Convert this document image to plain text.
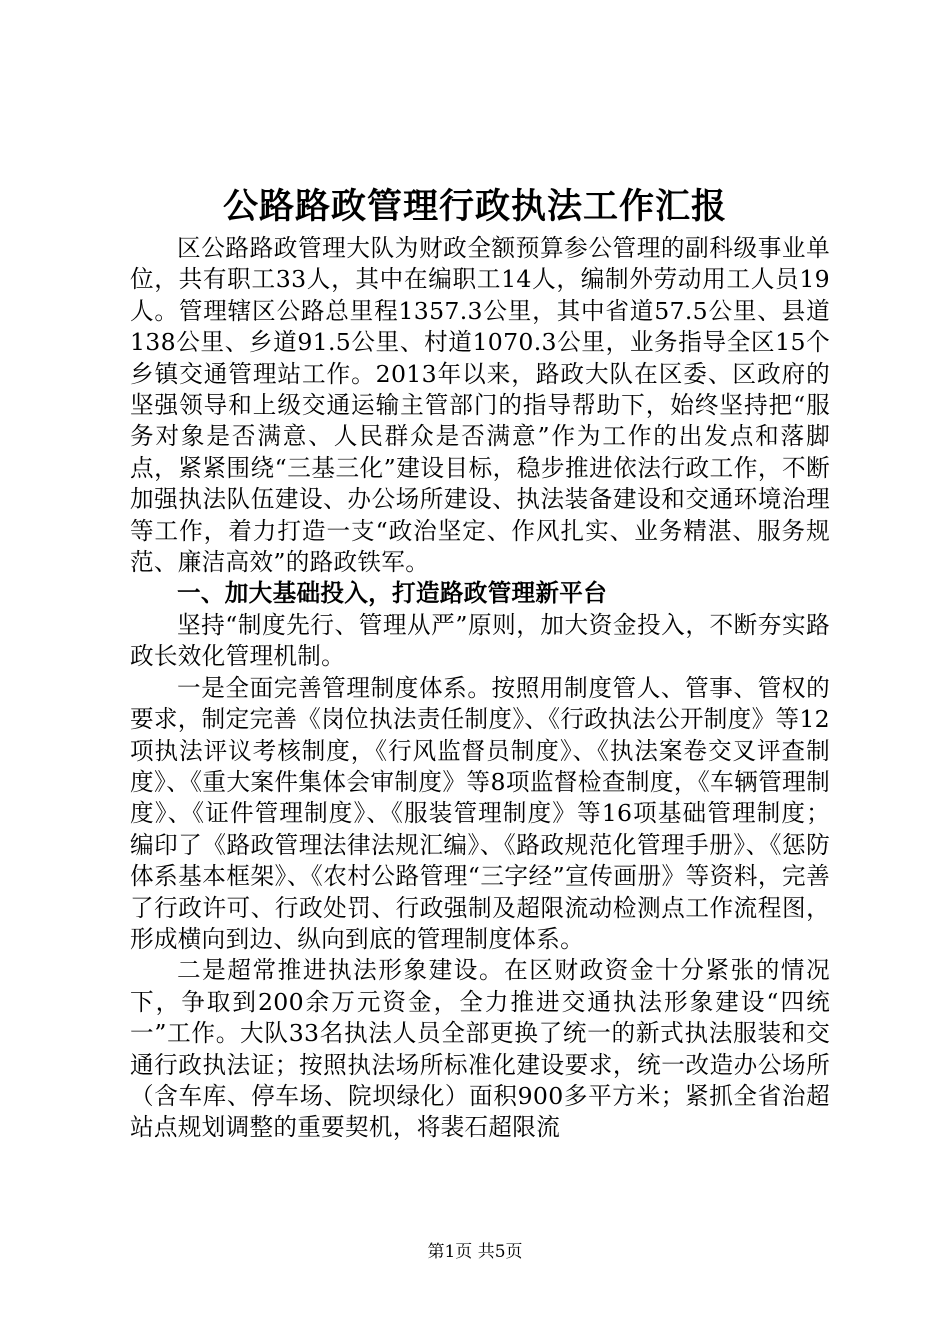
公路路政管理行政执法工作汇报

区公路路政管理大队为财政全额预算参公管理的副科级事业单位，共有职工33人，其中在编职工14人，编制外劳动用工人员19人。管理辖区公路总里程1357.3公里，其中省道57.5公里、县道138公里、乡道91.5公里、村道1070.3公里，业务指导全区15个乡镇交通管理站工作。2013年以来，路政大队在区委、区政府的坚强领导和上级交通运输主管部门的指导帮助下，始终坚持把“服务对象是否满意、人民群众是否满意”作为工作的出发点和落脚点，紧紧围绕“三基三化”建设目标，稳步推进依法行政工作，不断加强执法队伍建设、办公场所建设、执法装备建设和交通环境治理等工作，着力打造一支“政治坚定、作风扎实、业务精湛、服务规范、廉洁高效”的路政铁军。

一、加大基础投入，打造路政管理新平台

坚持“制度先行、管理从严”原则，加大资金投入，不断夯实路政长效化管理机制。

一是全面完善管理制度体系。按照用制度管人、管事、管权的要求，制定完善《岗位执法责任制度》、《行政执法公开制度》等12项执法评议考核制度，《行风监督员制度》、《执法案卷交叉评查制度》、《重大案件集体会审制度》等8项监督检查制度，《车辆管理制度》、《证件管理制度》、《服装管理制度》等16项基础管理制度；编印了《路政管理法律法规汇编》、《路政规范化管理手册》、《惩防体系基本框架》、《农村公路管理“三字经”宣传画册》等资料，完善了行政许可、行政处罚、行政强制及超限流动检测点工作流程图，形成横向到边、纵向到底的管理制度体系。

二是超常推进执法形象建设。在区财政资金十分紧张的情况下，争取到200余万元资金，全力推进交通执法形象建设“四统一”工作。大队33名执法人员全部更换了统一的新式执法服装和交通行政执法证；按照执法场所标准化建设要求，统一改造办公场所（含车库、停车场、院坝绿化）面积900多平方米；紧抓全省治超站点规划调整的重要契机，将裴石超限流

第1页 共5页
